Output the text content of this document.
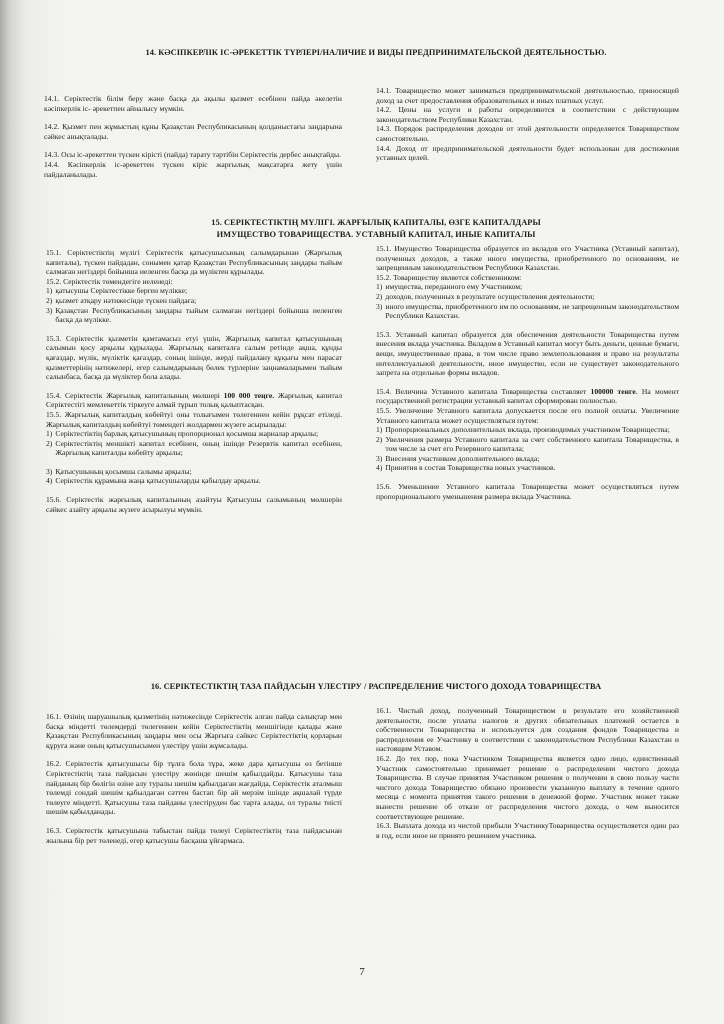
14. КӘСІПКЕРЛІК ІС-ӘРЕКЕТТІК ТҮРЛЕРІ/НАЛИЧИЕ И ВИДЫ ПРЕДПРИНИМАТЕЛЬСКОЙ ДЕЯТЕЛЬНОСТЬЮ.

14.1. Серіктестік білім беру және басқа да ақылы қызмет есебінен пайда әкелетін кәсіпкерлік іс- әрекетпен айналысу мүмкін.

14.2. Қызмет пен жұмыстың құны Қазақстан Республикасының қолданыстағы заңдарына сәйкес анықталады.

14.3. Осы іс-әрекеттен түскен кірісті (пайда) тарату тәртібін Серіктестік дербес анықтайды.

14.4. Кәсіпкерлік іс-әрекеттен түскен кіріс жарғылық мақсатарға жету үшін пайдаланылады.

14.1. Товарищество может заниматься предпринимательской деятельностью, приносящей доход за счет предоставления образовательных и иных платных услуг.

14.2. Цены на услуги и работы определяются в соответствии с действующим законодательством Республики Казахстан.

14.3. Порядок распределения доходов от этой деятельности определяется Товариществом самостоятельно.

14.4. Доход от предпринимательской деятельности будет использован для достижения уставных целей.

15. СЕРІКТЕСТІКТІҢ МҮЛІГІ. ЖАРҒЫЛЫҚ КАПИТАЛЫ, ӨЗГЕ КАПИТАЛДАРЫ
ИМУЩЕСТВО ТОВАРИЩЕСТВА. УСТАВНЫЙ КАПИТАЛ, ИНЫЕ КАПИТАЛЫ

15.1. Серіктестіктің мүлігі Серіктестік қатысушысының салымдарынан (Жарғылық капиталы), түскен пайдадан, сонымен қатар Қазақстан Республикасының заңдары тыйым салмаған негіздері бойынша иеленген басқа да мүліктен құрылады.

15.2. Серіктестік төмендегіге иеленеді:

1) қатысушы Серіктестікке берген мүлікке;
2) қызмет атқару нәтижесінде түскен пайдаға;
3) Қазақстан Республикасының заңдары тыйым салмаған негіздері бойынша иеленген басқа да мүлікке.

15.3. Серіктестік қызметін қамтамасыз етуі үшін, Жарғылық капитал қатысушының салымын қосу арқылы құрылады. Жарғылық капиталға салым ретінде ақша, құнды қағаздар, мүлік, мүліктік қағаздар, соның ішінде, жерді пайдалану құқығы мен парасат қызметтерінің нәтижелері, егер салымдарының бөлек түрлеріне заңнамаларымен тыйым салынбаса, басқа да мүліктер бола алады.

15.4. Серіктестік Жарғылық капиталының мөлшері 100 000 теңге. Жарғылық капитал Серіктестігі мемлекеттік тіркеуге алмай тұрып толық қалыптасқан.

15.5. Жарғылық капиталдың көбейтуі оны толығымен төлегеннен кейін рұқсат етіледі. Жарғылық капиталдың көбейтуі төмендегі жолдармен жүзеге асырылады:

1) Серіктестіктің барлық қатысушының пропорционал қосымша жарналар арқылы;
2) Серіктестіктің меншікті капитал есебінен, оның ішінде Резервтік капитал есебінен, Жарғылық капиталды көбейту арқылы;
3) Қатысушының қосымша салымы арқылы;
4) Серіктестік құрамына жаңа қатысушыларды қабылдау арқылы.

15.6. Серіктестік жарғылық капиталының азайтуы Қатысушы салымының мөлшерін сәйкес азайту арқылы жүзеге асырылуы мүмкін.

15.1. Имущество Товарищества образуется из вкладов его Участника (Уставный капитал), полученных доходов, а также иного имущества, приобретенного по основаниям, не запрещенным законодательством Республики Казахстан.

15.2. Товариществу является собственником:

1) имущества, переданного ему Участником;
2) доходов, полученных в результате осуществления деятельности;
3) иного имущества, приобретенного им по основаниям, не запрещенным законодательством Республики Казахстан.

15.3. Уставный капитал образуется для обеспечения деятельности Товарищества путем внесения вклада участника. Вкладом в Уставный капитал могут быть деньги, ценные бумаги, вещи, имущественные права, в том числе право землепользования и право на результаты интеллектуальной деятельности, иное имущество, если не существует законодательного запрета на отдельные формы вкладов.

15.4. Величина Уставного капитала Товарищества составляет 100000 тенге. На момент государственной регистрации уставный капитал сформирован полностью.

15.5. Увеличение Уставного капитала допускается после его полной оплаты. Увеличение Уставного капитала может осуществляться путем:

1) Пропорциональных дополнительных вклада, производимых участником Товарищества;
2) Увеличения размера Уставного капитала за счет собственного капитала Товарищества, в том числе за счет его Резервного капитала;
3) Внесения участником дополнительного вклада;
4) Принятия в состав Товарищества новых участников.

15.6. Уменьшение Уставного капитала Товарищества может осуществляться путем пропорционального уменьшения размера вклада Участника.

16. СЕРІКТЕСТІКТІҢ ТАЗА ПАЙДАСЫН ҮЛЕСТІРУ / РАСПРЕДЕЛЕНИЕ ЧИСТОГО ДОХОДА ТОВАРИЩЕСТВА

16.1. Өзінің шаруашылық қызметінің нәтижесінде Серіктестік алған пайда салықтар мен басқа міндетті төлемдерді төлегеннен кейін Серіктестіктің меншігінде қалады және Қазақстан Республикасының заңдары мен осы Жарғыға сәйкес Серіктестіктің қорларын құруға және оның қатысушысымен үлестіру үшін жұмсалады.

16.2. Серіктестік қатысушысы бір тұлға бола тұра, жеке дара қатысушы өз бетінше Серіктестіктің таза пайдасын үлестіру жөнінде шешім қабылдайды. Қатысушы таза пайданың бір бөлігін өзіне алу туралы шешім қабылдаған жағдайда, Серіктестік аталмыш төлемді сондай шешім қабылдаған сәттен бастап бір ай мерзім ішінде ақшалай түрде төлеуге міндетті. Қатысушы таза пайданы үлестіруден бас тарта алады, ол туралы тиісті шешім қабылданады.

16.3. Серіктестік қатысушына табыстан пайда төлеуі Серіктестіктің таза пайдасынан жылына бір рет төленеді, егер қатысушы басқаша ұйғармаса.

16.1. Чистый доход, полученный Товариществом в результате его хозяйственной деятельности, после уплаты налогов и других обязательных платежей остается в собственности Товарищества и используется для создания фондов Товарищества и распределения ее Участнику в соответствии с законодательством Республики Казахстан и настоящим Уставом.

16.2. До тех пор, пока Участником Товарищества является одно лицо, единственный Участник самостоятельно принимает решение о распределении чистого дохода Товарищества. В случае принятия Участником решения о получении в свою пользу части чистого дохода Товарищество обязано произвести указанную выплату в течение одного месяца с момента принятия такого решения в денежной форме. Участник может также вынести решение об отказе от распределения чистого дохода, о чем выносится соответствующее решение.

16.3. Выплата дохода из чистой прибыли УчастникуТоварищества осуществляется один раз в год, если иное не принято решением участника.

7
